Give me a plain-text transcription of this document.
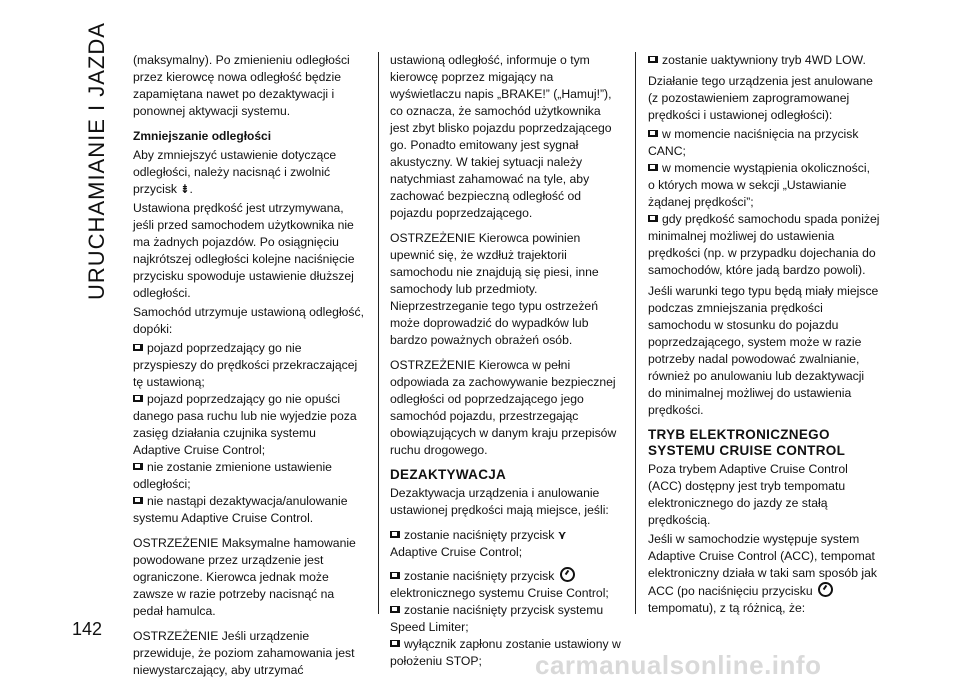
URUCHAMIANIE I JAZDA
142

(maksymalny). Po zmienieniu odległości przez kierowcę nowa odległość będzie zapamiętana nawet po dezaktywacji i ponownej aktywacji systemu.

Zmniejszanie odległości

Aby zmniejszyć ustawienie dotyczące odległości, należy nacisnąć i zwolnić przycisk ⇟.

Ustawiona prędkość jest utrzymywana, jeśli przed samochodem użytkownika nie ma żadnych pojazdów. Po osiągnięciu najkrótszej odległości kolejne naciśnięcie przycisku spowoduje ustawienie dłuższej odległości.

Samochód utrzymuje ustawioną odległość, dopóki:

pojazd poprzedzający go nie przyspieszy do prędkości przekraczającej tę ustawioną;
pojazd poprzedzający go nie opuści danego pasa ruchu lub nie wyjedzie poza zasięg działania czujnika systemu Adaptive Cruise Control;
nie zostanie zmienione ustawienie odległości;
nie nastąpi dezaktywacja/anulowanie systemu Adaptive Cruise Control.

OSTRZEŻENIE Maksymalne hamowanie powodowane przez urządzenie jest ograniczone. Kierowca jednak może zawsze w razie potrzeby nacisnąć na pedał hamulca.

OSTRZEŻENIE Jeśli urządzenie przewiduje, że poziom zahamowania jest niewystarczający, aby utrzymać

ustawioną odległość, informuje o tym kierowcę poprzez migający na wyświetlaczu napis „BRAKE!” („Hamuj!”), co oznacza, że samochód użytkownika jest zbyt blisko pojazdu poprzedzającego go. Ponadto emitowany jest sygnał akustyczny. W takiej sytuacji należy natychmiast zahamować na tyle, aby zachować bezpieczną odległość od pojazdu poprzedzającego.

OSTRZEŻENIE Kierowca powinien upewnić się, że wzdłuż trajektorii samochodu nie znajdują się piesi, inne samochody lub przedmioty. Nieprzestrzeganie tego typu ostrzeżeń może doprowadzić do wypadków lub bardzo poważnych obrażeń osób.

OSTRZEŻENIE Kierowca w pełni odpowiada za zachowywanie bezpiecznej odległości od poprzedzającego jego samochód pojazdu, przestrzegając obowiązujących w danym kraju przepisów ruchu drogowego.

DEZAKTYWACJA

Dezaktywacja urządzenia i anulowanie ustawionej prędkości mają miejsce, jeśli:

zostanie naciśnięty przycisk ⋎
Adaptive Cruise Control;
zostanie naciśnięty przycisk
elektronicznego systemu Cruise Control;
zostanie naciśnięty przycisk systemu Speed Limiter;
wyłącznik zapłonu zostanie ustawiony w położeniu STOP;
zostanie uaktywniony tryb 4WD LOW.

Działanie tego urządzenia jest anulowane (z pozostawieniem zaprogramowanej prędkości i ustawionej odległości):

w momencie naciśnięcia na przycisk CANC;
w momencie wystąpienia okoliczności, o których mowa w sekcji „Ustawianie żądanej prędkości”;
gdy prędkość samochodu spada poniżej minimalnej możliwej do ustawienia prędkości (np. w przypadku dojechania do samochodów, które jadą bardzo powoli).

Jeśli warunki tego typu będą miały miejsce podczas zmniejszania prędkości samochodu w stosunku do pojazdu poprzedzającego, system może w razie potrzeby nadal powodować zwalnianie, również po anulowaniu lub dezaktywacji do minimalnej możliwej do ustawienia prędkości.

TRYB ELEKTRONICZNEGO SYSTEMU CRUISE CONTROL

Poza trybem Adaptive Cruise Control (ACC) dostępny jest tryb tempomatu elektronicznego do jazdy ze stałą prędkością.

Jeśli w samochodzie występuje system Adaptive Cruise Control (ACC), tempomat elektroniczny działa w taki sam sposób jak ACC (po naciśnięciu przycisku  tempomatu), z tą różnicą, że:

carmanualsonline.info
